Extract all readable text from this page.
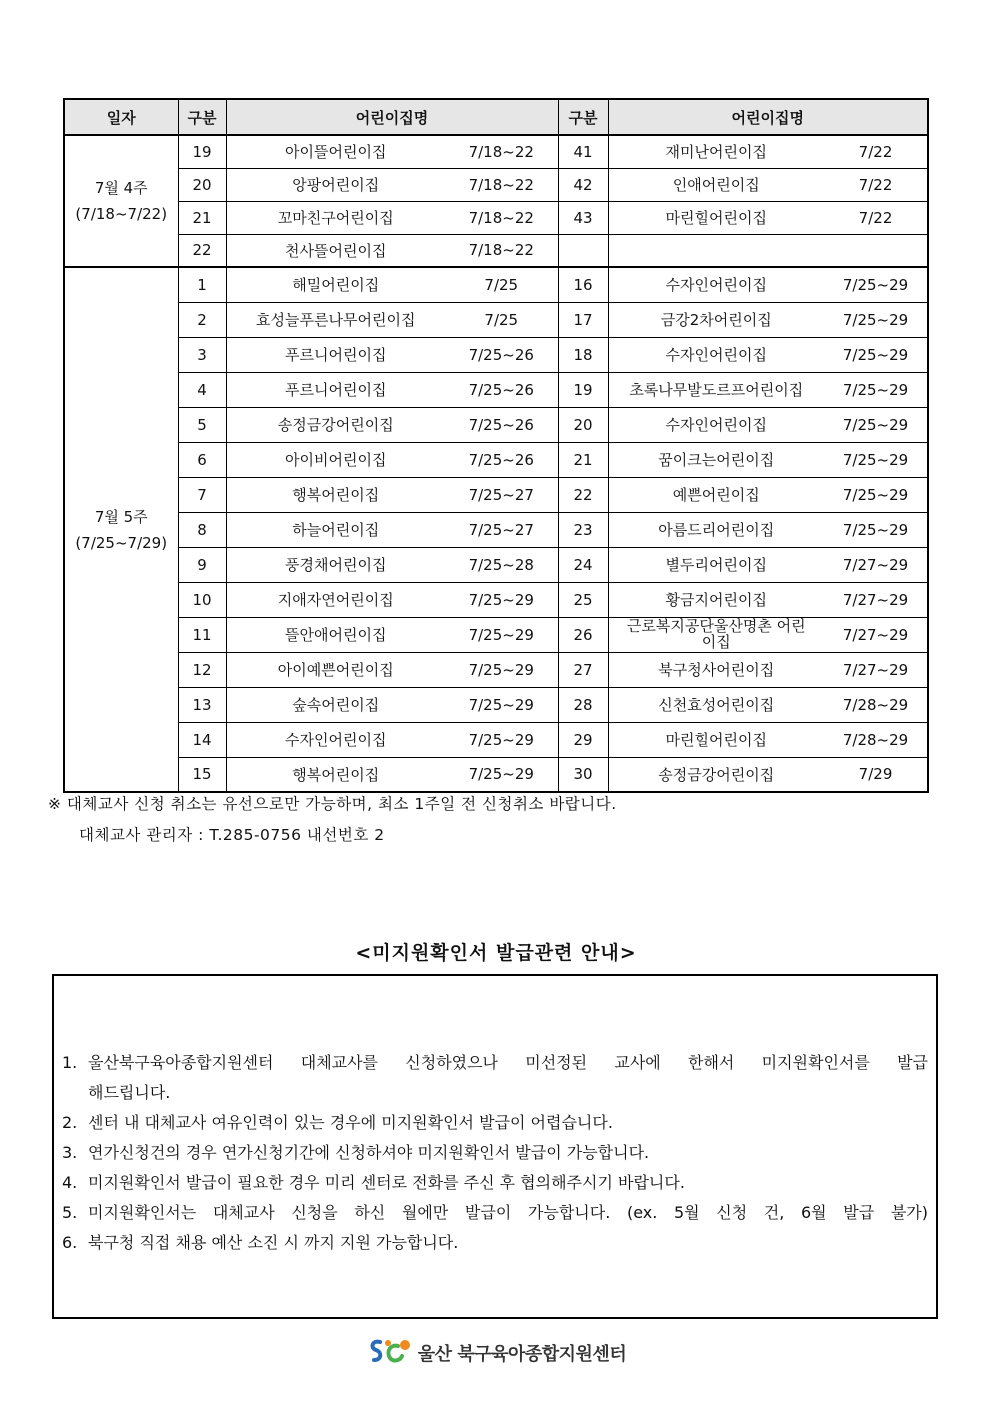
일자	구분	어린이집명		구분	어린이집명	

7월 4주
(7/18~7/22)	19	아이뜰어린이집	7/18~22	41	재미난어린이집	7/22
	20	앙팡어린이집	7/18~22	42	인애어린이집	7/22
	21	꼬마친구어린이집	7/18~22	43	마린힐어린이집	7/22
	22	천사뜰어린이집	7/18~22			

7월 5주
(7/25~7/29)	1	해밀어린이집	7/25	16	수자인어린이집	7/25~29
	2	효성늘푸른나무어린이집	7/25	17	금강2차어린이집	7/25~29
	3	푸르니어린이집	7/25~26	18	수자인어린이집	7/25~29
	4	푸르니어린이집	7/25~26	19	초록나무발도르프어린이집	7/25~29
	5	송정금강어린이집	7/25~26	20	수자인어린이집	7/25~29
	6	아이비어린이집	7/25~26	21	꿈이크는어린이집	7/25~29
	7	행복어린이집	7/25~27	22	예쁜어린이집	7/25~29
	8	하늘어린이집	7/25~27	23	아름드리어린이집	7/25~29
	9	풍경채어린이집	7/25~28	24	별두리어린이집	7/27~29
	10	지애자연어린이집	7/25~29	25	황금지어린이집	7/27~29
	11	뜰안애어린이집	7/25~29	26	근로복지공단울산명촌 어린이집	7/27~29
	12	아이예쁜어린이집	7/25~29	27	북구청사어린이집	7/27~29
	13	숲속어린이집	7/25~29	28	신천효성어린이집	7/28~29
	14	수자인어린이집	7/25~29	29	마린힐어린이집	7/28~29
	15	행복어린이집	7/25~29	30	송정금강어린이집	7/29
※ 대체교사 신청 취소는 유선으로만 가능하며, 최소 1주일 전 신청취소 바랍니다.
대체교사 관리자 : T.285-0756 내선번호 2
<미지원확인서 발급관련 안내>
1. 울산북구육아종합지원센터 대체교사를 신청하였으나 미선정된 교사에 한해서 미지원확인서를 발급
해드립니다.
2. 센터 내 대체교사 여유인력이 있는 경우에 미지원확인서 발급이 어렵습니다.
3. 연가신청건의 경우 연가신청기간에 신청하셔야 미지원확인서 발급이 가능합니다.
4. 미지원확인서 발급이 필요한 경우 미리 센터로 전화를 주신 후 협의해주시기 바랍니다.
5. 미지원확인서는 대체교사 신청을 하신 월에만 발급이 가능합니다. (ex. 5월 신청 건, 6월 발급 불가)
6. 북구청 직접 채용 예산 소진 시 까지 지원 가능합니다.
울산 북구육아종합지원센터
